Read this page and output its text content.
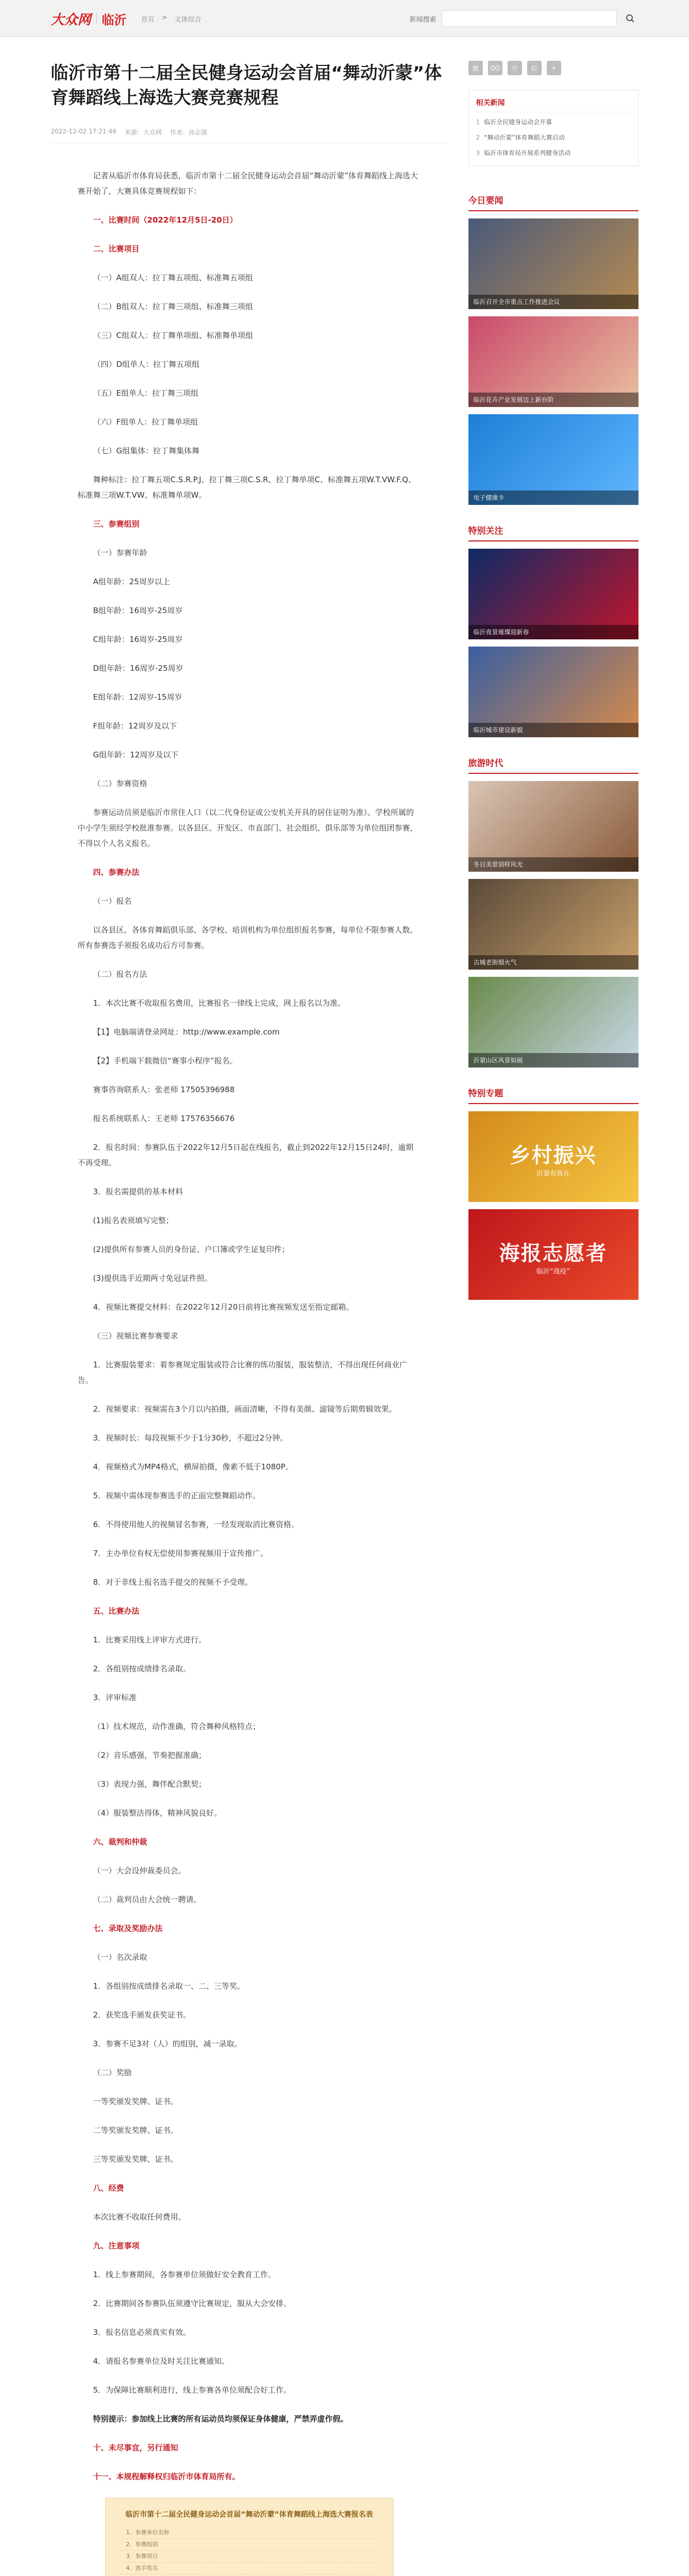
大众网 临沂 首页 > 文体综合	新闻搜索
临沂市第十二届全民健身运动会首届“舞动沂蒙”体育舞蹈线上海选大赛竞赛规程
2022-12-02 17:21:46 来源：大众网 作者：孙志强

记者从临沂市体育局获悉，临沂市第十二届全民健身运动会首届“舞动沂蒙”体育舞蹈线上海选大赛开始了，大赛具体竞赛规程如下：

一、比赛时间（2022年12月5日-20日）

二、比赛项目

（一）A组双人：拉丁舞五项组、标准舞五项组

（二）B组双人：拉丁舞三项组、标准舞三项组

（三）C组双人：拉丁舞单项组、标准舞单项组

（四）D组单人：拉丁舞五项组

（五）E组单人：拉丁舞三项组

（六）F组单人：拉丁舞单项组

（七）G组集体：拉丁舞集体舞

舞种标注：拉丁舞五项C.S.R.P.J、拉丁舞三项C.S.R、拉丁舞单项C、标准舞五项W.T.VW.F.Q、标准舞三项W.T.VW、标准舞单项W。

三、参赛组别

（一）参赛年龄

A组年龄：25周岁以上

B组年龄：16周岁-25周岁

C组年龄：16周岁-25周岁

D组年龄：16周岁-25周岁

E组年龄：12周岁-15周岁

F组年龄：12周岁及以下

G组年龄：12周岁及以下

（二）参赛资格

参赛运动员须是临沂市常住人口（以二代身份证或公安机关开具的居住证明为准）。学校所属的中小学生须经学校批准参赛。以各县区、开发区、市直部门、社会组织、俱乐部等为单位组团参赛，不得以个人名义报名。

四、参赛办法

（一）报名

以各县区、各体育舞蹈俱乐部、各学校、培训机构为单位组织报名参赛，每单位不限参赛人数。所有参赛选手须报名成功后方可参赛。

（二）报名方法

1．本次比赛不收取报名费用，比赛报名一律线上完成，网上报名以为准。

【1】电脑端请登录网址：http://www.example.com

【2】手机端下载微信“赛事小程序”报名。

赛事咨询联系人：张老师 17505396988

报名系统联系人：王老师 17576356676

2．报名时间：参赛队伍于2022年12月5日起在线报名，截止到2022年12月15日24时，逾期不再受理。

3．报名需提供的基本材料

(1)报名表须填写完整；

(2)提供所有参赛人员的身份证、户口簿或学生证复印件；

(3)提供选手近期两寸免冠证件照。

4．视频比赛提交材料：在2022年12月20日前将比赛视频发送至指定邮箱。

（三）视频比赛参赛要求

1．比赛服装要求：着参赛规定服装或符合比赛的练功服装，服装整洁，不得出现任何商业广告。

2．视频要求：视频需在3个月以内拍摄，画面清晰，不得有美颜、滤镜等后期剪辑效果。

3．视频时长：每段视频不少于1分30秒，不超过2分钟。

4．视频格式为MP4格式，横屏拍摄，像素不低于1080P。

5．视频中需体现参赛选手的正面完整舞蹈动作。

6．不得使用他人的视频冒名参赛，一经发现取消比赛资格。

7．主办单位有权无偿使用参赛视频用于宣传推广。

8．对于非线上报名选手提交的视频不予受理。

五、比赛办法

1．比赛采用线上评审方式进行。

2．各组别按成绩排名录取。

3．评审标准

（1）技术规范，动作准确，符合舞种风格特点；

（2）音乐感强，节奏把握准确；

（3）表现力强，舞伴配合默契；

（4）服装整洁得体，精神风貌良好。

六、裁判和仲裁

（一）大会设仲裁委员会。

（二）裁判员由大会统一聘请。

七、录取及奖励办法

（一）名次录取

1．各组别按成绩排名录取一、二、三等奖。

2．获奖选手颁发获奖证书。

3．参赛不足3对（人）的组别，减一录取。

（二）奖励

一等奖颁发奖牌、证书。

二等奖颁发奖牌、证书。

三等奖颁发奖牌、证书。

八、经费

本次比赛不收取任何费用。

九、注意事项

1．线上参赛期间，各参赛单位须做好安全教育工作。

2．比赛期间各参赛队伍须遵守比赛规定，服从大会安排。

3．报名信息必须真实有效。

4．请报名参赛单位及时关注比赛通知。

5．为保障比赛顺利进行，线上参赛各单位须配合好工作。

特别提示：参加线上比赛的所有运动员均须保证身体健康，严禁弄虚作假。

十、未尽事宜，另行通知

十一、本规程解释权归临沂市体育局所有。

临沂市第十二届全民健身运动会首届“舞动沂蒙”体育舞蹈线上海选大赛报名表
1．参赛单位名称
2．参赛组别
3．参赛项目
4．选手姓名
微	QQ	空	信	+
相关新闻
1 临沂全民健身运动会开幕
2 “舞动沂蒙”体育舞蹈大赛启动
3 临沂市体育局开展系列健身活动
今日要闻
临沂召开全市重点工作推进会议
临沂花卉产业发展迈上新台阶
电子健康卡
特别关注
临沂夜景璀璨迎新春
临沂城市建设新貌
旅游时代
冬日美景别样风光
古城老街烟火气
沂蒙山区风景如画
特别专题
乡村振兴
沂蒙有我在
海报志愿者
临沂“战疫”
